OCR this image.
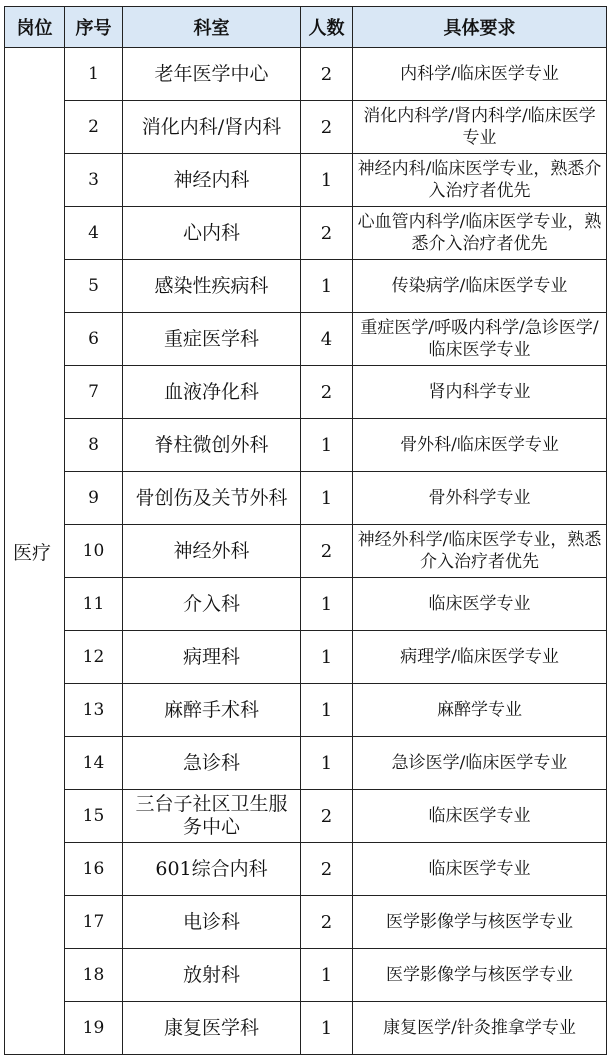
岗位	序号	科室	人数	具体要求
医疗	1	老年医学中心	2	内科学/临床医学专业
	2	消化内科/肾内科	2	消化内科学/肾内科学/临床医学专业
	3	神经内科	1	神经内科/临床医学专业，熟悉介入治疗者优先
	4	心内科	2	心血管内科学/临床医学专业，熟悉介入治疗者优先
	5	感染性疾病科	1	传染病学/临床医学专业
	6	重症医学科	4	重症医学/呼吸内科学/急诊医学/临床医学专业
	7	血液净化科	2	肾内科学专业
	8	脊柱微创外科	1	骨外科/临床医学专业
	9	骨创伤及关节外科	1	骨外科学专业
	10	神经外科	2	神经外科学/临床医学专业，熟悉介入治疗者优先
	11	介入科	1	临床医学专业
	12	病理科	1	病理学/临床医学专业
	13	麻醉手术科	1	麻醉学专业
	14	急诊科	1	急诊医学/临床医学专业
	15	三台子社区卫生服务中心	2	临床医学专业
	16	601综合内科	2	临床医学专业
	17	电诊科	2	医学影像学与核医学专业
	18	放射科	1	医学影像学与核医学专业
	19	康复医学科	1	康复医学/针灸推拿学专业
